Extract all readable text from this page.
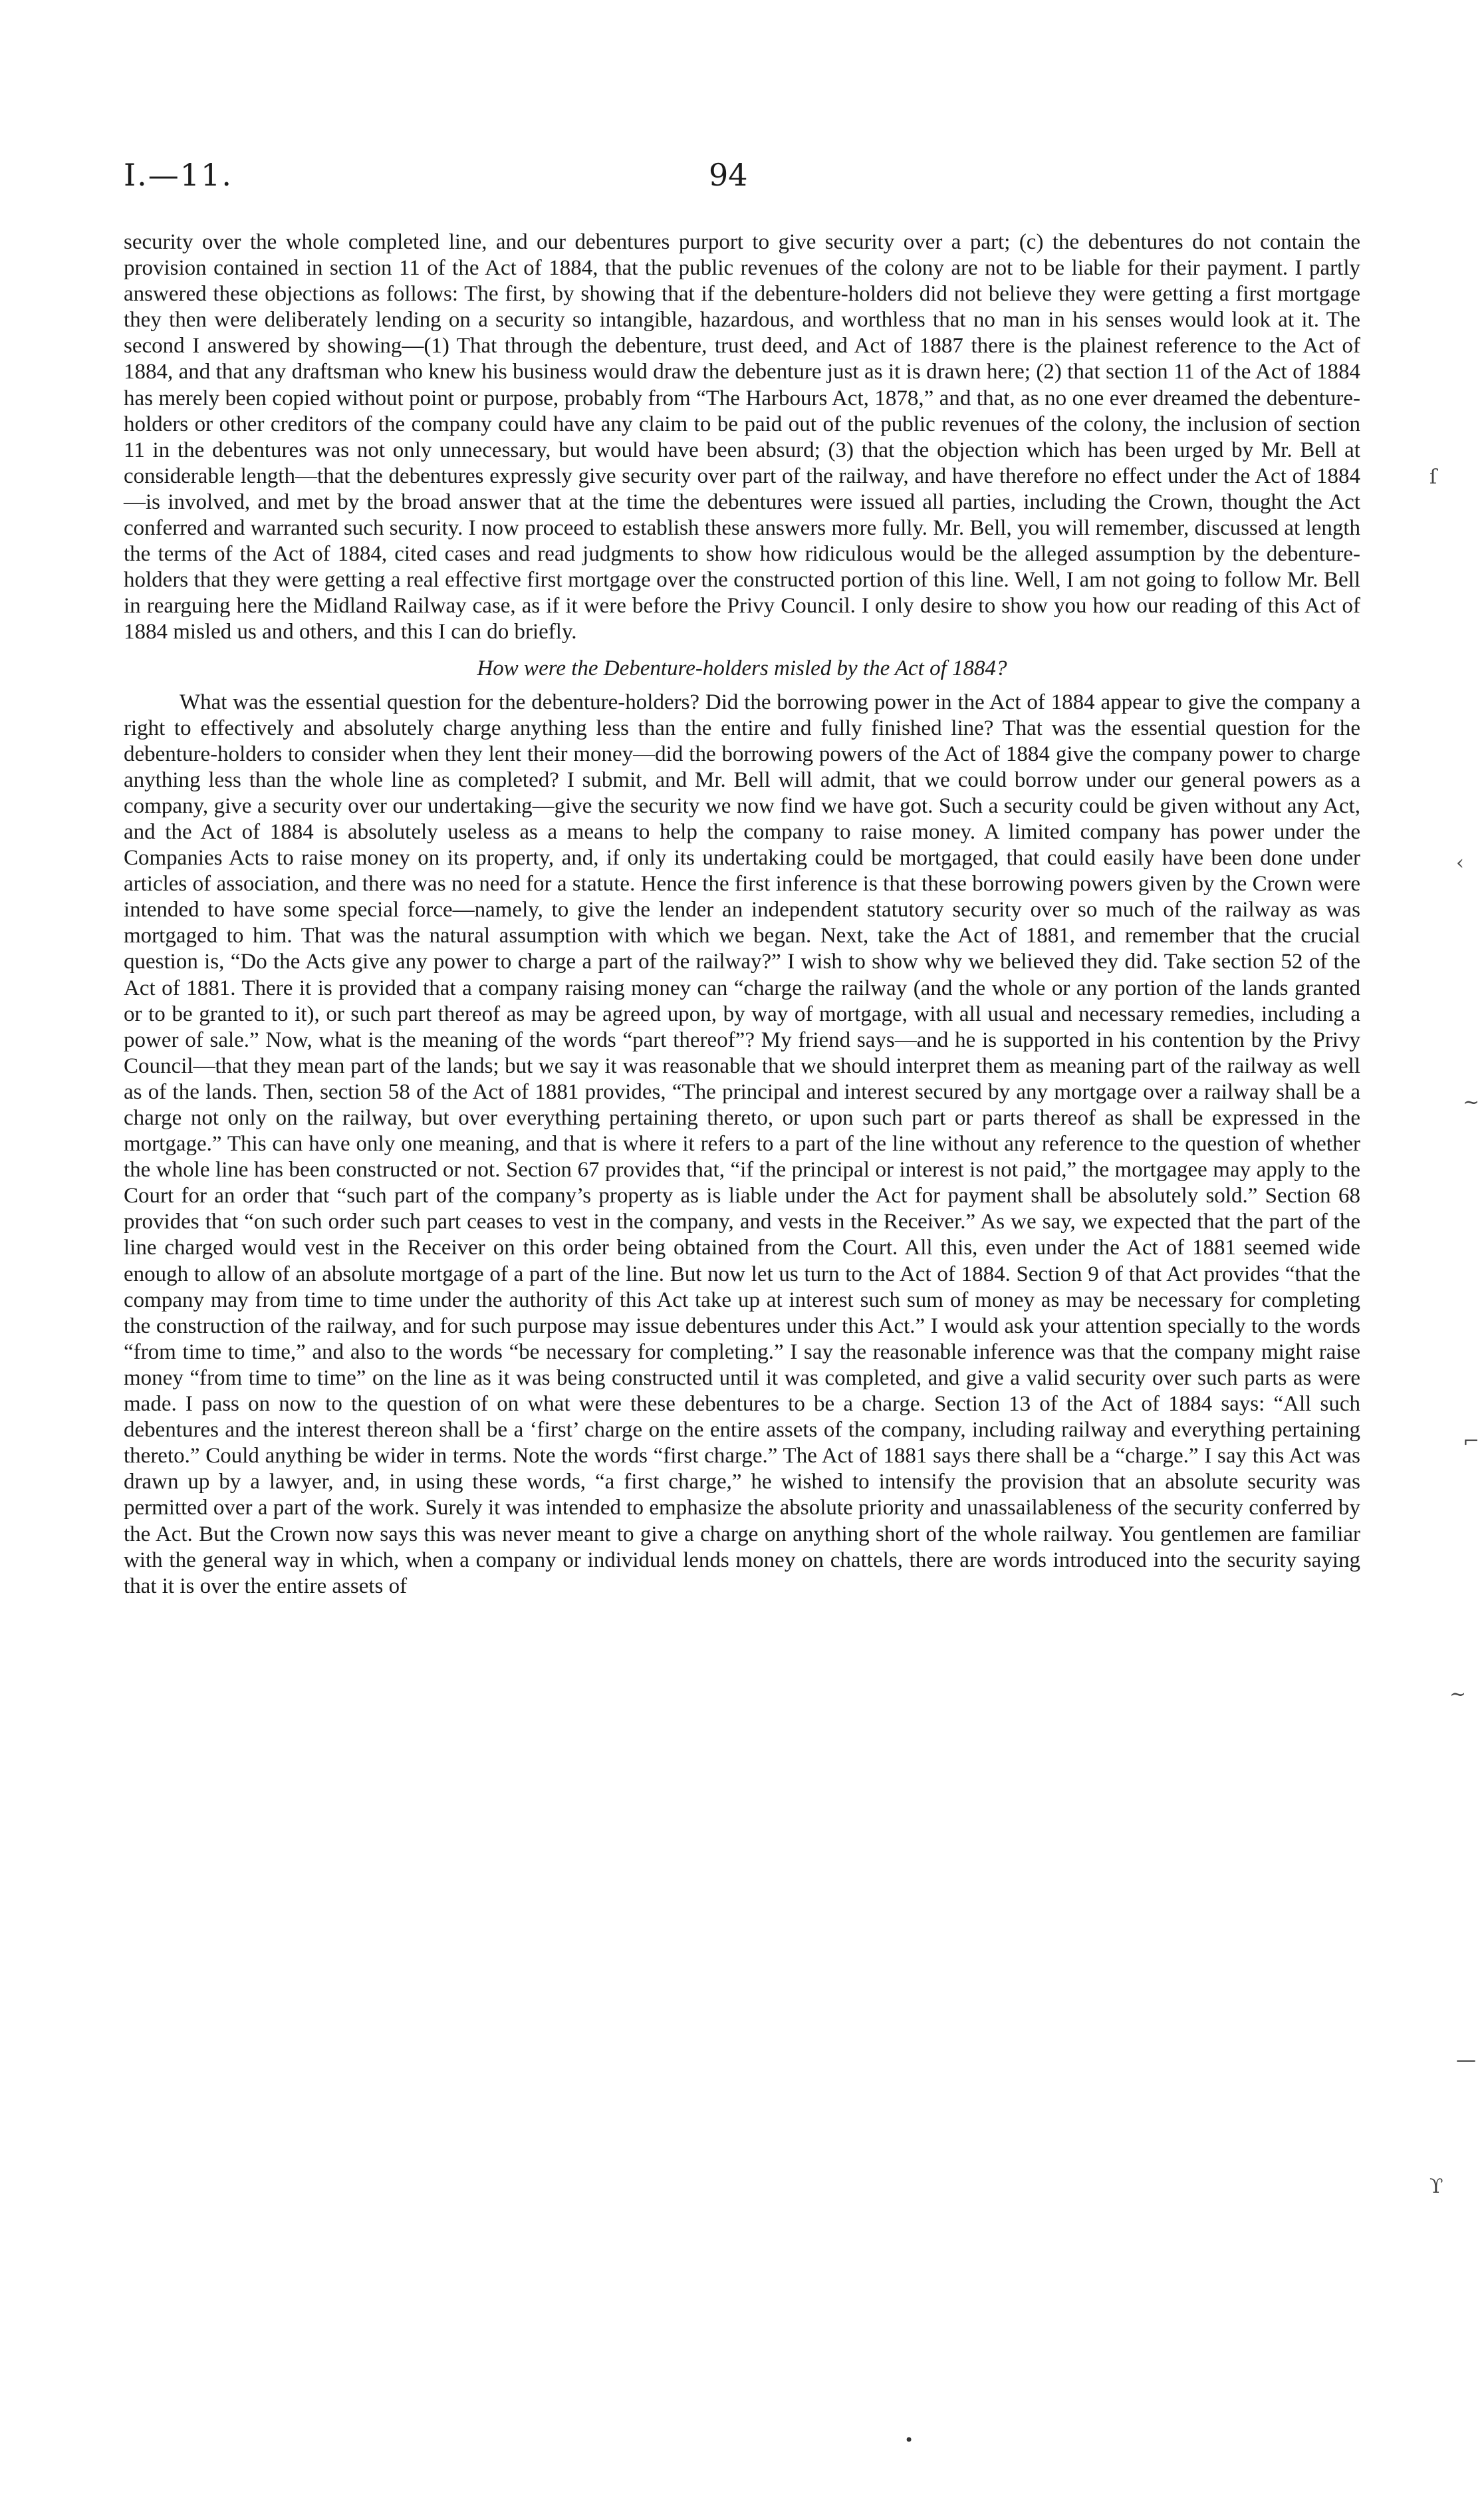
I.—11.	94

security over the whole completed line, and our debentures purport to give security over a part; (c) the debentures do not contain the provision contained in section 11 of the Act of 1884, that the public revenues of the colony are not to be liable for their payment. I partly answered these objections as follows: The first, by showing that if the debenture-holders did not believe they were getting a first mortgage they then were deliberately lending on a security so intangible, hazardous, and worthless that no man in his senses would look at it. The second I answered by showing—(1) That through the debenture, trust deed, and Act of 1887 there is the plainest reference to the Act of 1884, and that any draftsman who knew his business would draw the debenture just as it is drawn here; (2) that section 11 of the Act of 1884 has merely been copied without point or purpose, probably from “The Harbours Act, 1878,” and that, as no one ever dreamed the debenture-holders or other creditors of the company could have any claim to be paid out of the public revenues of the colony, the inclusion of section 11 in the debentures was not only unnecessary, but would have been absurd; (3) that the objection which has been urged by Mr. Bell at considerable length—that the debentures expressly give security over part of the railway, and have therefore no effect under the Act of 1884—is involved, and met by the broad answer that at the time the debentures were issued all parties, including the Crown, thought the Act conferred and warranted such security. I now proceed to establish these answers more fully. Mr. Bell, you will remember, discussed at length the terms of the Act of 1884, cited cases and read judgments to show how ridiculous would be the alleged assumption by the debenture-holders that they were getting a real effective first mortgage over the constructed portion of this line. Well, I am not going to follow Mr. Bell in rearguing here the Midland Railway case, as if it were before the Privy Council. I only desire to show you how our reading of this Act of 1884 misled us and others, and this I can do briefly.

How were the Debenture-holders misled by the Act of 1884?

What was the essential question for the debenture-holders? Did the borrowing power in the Act of 1884 appear to give the company a right to effectively and absolutely charge anything less than the entire and fully finished line? That was the essential question for the debenture-holders to consider when they lent their money—did the borrowing powers of the Act of 1884 give the company power to charge anything less than the whole line as completed? I submit, and Mr. Bell will admit, that we could borrow under our general powers as a company, give a security over our undertaking—give the security we now find we have got. Such a security could be given without any Act, and the Act of 1884 is absolutely useless as a means to help the company to raise money. A limited company has power under the Companies Acts to raise money on its property, and, if only its undertaking could be mortgaged, that could easily have been done under articles of association, and there was no need for a statute. Hence the first inference is that these borrowing powers given by the Crown were intended to have some special force—namely, to give the lender an independent statutory security over so much of the railway as was mortgaged to him. That was the natural assumption with which we began. Next, take the Act of 1881, and remember that the crucial question is, “Do the Acts give any power to charge a part of the railway?” I wish to show why we believed they did. Take section 52 of the Act of 1881. There it is provided that a company raising money can “charge the railway (and the whole or any portion of the lands granted or to be granted to it), or such part thereof as may be agreed upon, by way of mortgage, with all usual and necessary remedies, including a power of sale.” Now, what is the meaning of the words “part thereof”? My friend says—and he is supported in his contention by the Privy Council—that they mean part of the lands; but we say it was reasonable that we should interpret them as meaning part of the railway as well as of the lands. Then, section 58 of the Act of 1881 provides, “The principal and interest secured by any mortgage over a railway shall be a charge not only on the railway, but over everything pertaining thereto, or upon such part or parts thereof as shall be expressed in the mortgage.” This can have only one meaning, and that is where it refers to a part of the line without any reference to the question of whether the whole line has been constructed or not. Section 67 provides that, “if the principal or interest is not paid,” the mortgagee may apply to the Court for an order that “such part of the company’s property as is liable under the Act for payment shall be absolutely sold.” Section 68 provides that “on such order such part ceases to vest in the company, and vests in the Receiver.” As we say, we expected that the part of the line charged would vest in the Receiver on this order being obtained from the Court. All this, even under the Act of 1881 seemed wide enough to allow of an absolute mortgage of a part of the line. But now let us turn to the Act of 1884. Section 9 of that Act provides “that the company may from time to time under the authority of this Act take up at interest such sum of money as may be necessary for completing the construction of the railway, and for such purpose may issue debentures under this Act.” I would ask your attention specially to the words “from time to time,” and also to the words “be necessary for completing.” I say the reasonable inference was that the company might raise money “from time to time” on the line as it was being constructed until it was completed, and give a valid security over such parts as were made. I pass on now to the question of on what were these debentures to be a charge. Section 13 of the Act of 1884 says: “All such debentures and the interest thereon shall be a ‘first’ charge on the entire assets of the company, including railway and everything pertaining thereto.” Could anything be wider in terms. Note the words “first charge.” The Act of 1881 says there shall be a “charge.” I say this Act was drawn up by a lawyer, and, in using these words, “a first charge,” he wished to intensify the provision that an absolute security was permitted over a part of the work. Surely it was intended to emphasize the absolute priority and unassailableness of the security conferred by the Act. But the Crown now says this was never meant to give a charge on anything short of the whole railway. You gentlemen are familiar with the general way in which, when a company or individual lends money on chattels, there are words introduced into the security saying that it is over the entire assets of

ſ
‹
~
⌐
~
—
ϒ
•
